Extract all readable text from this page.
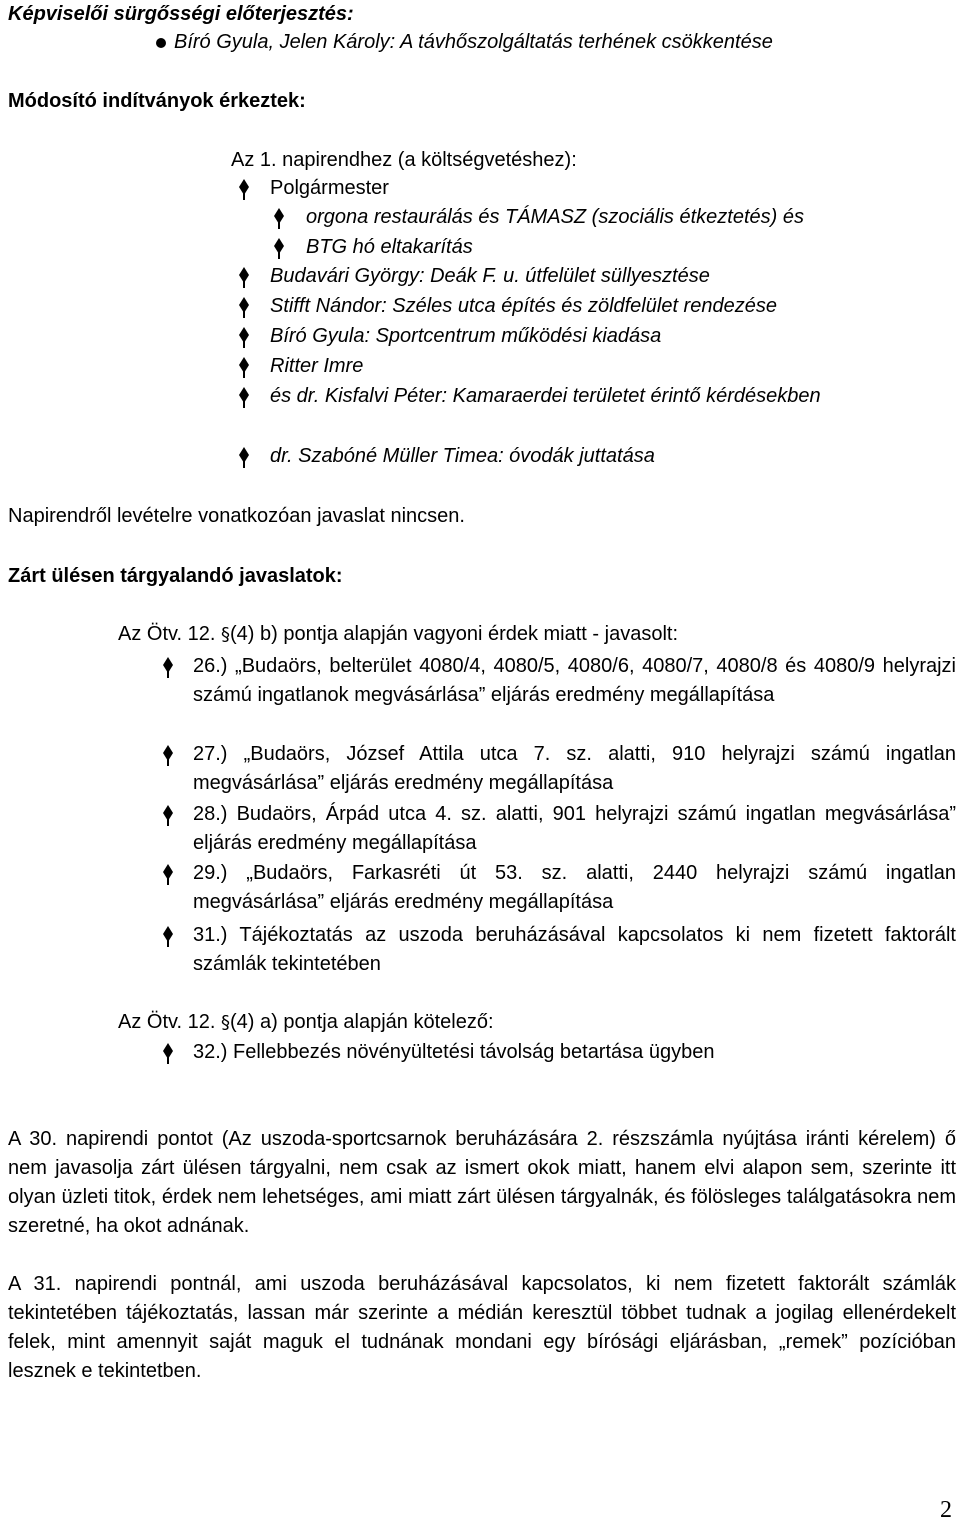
Képviselői sürgősségi előterjesztés:
Bíró Gyula, Jelen Károly: A távhőszolgáltatás terhének csökkentése
Módosító indítványok érkeztek:
Az 1. napirendhez (a költségvetéshez):
Polgármester
orgona restaurálás és TÁMASZ (szociális étkeztetés) és
BTG hó eltakarítás
Budavári György: Deák F. u. útfelület süllyesztése
Stifft Nándor: Széles utca építés és zöldfelület rendezése
Bíró Gyula: Sportcentrum működési kiadása
Ritter Imre
és dr. Kisfalvi Péter: Kamaraerdei területet érintő kérdésekben
dr. Szabóné Müller Timea: óvodák juttatása
Napirendről levételre vonatkozóan javaslat nincsen.
Zárt ülésen tárgyalandó javaslatok:
Az Ötv. 12. §(4) b) pontja alapján vagyoni érdek miatt - javasolt:
26.) „Budaörs, belterület 4080/4, 4080/5, 4080/6, 4080/7, 4080/8 és 4080/9 helyrajzi számú ingatlanok megvásárlása” eljárás eredmény megállapítása
27.) „Budaörs, József Attila utca 7. sz. alatti, 910 helyrajzi számú ingatlan megvásárlása” eljárás eredmény megállapítása
28.) Budaörs, Árpád utca 4. sz. alatti, 901 helyrajzi számú ingatlan megvásárlása” eljárás eredmény megállapítása
29.) „Budaörs, Farkasréti út 53. sz. alatti, 2440 helyrajzi számú ingatlan megvásárlása” eljárás eredmény megállapítása
31.) Tájékoztatás az uszoda beruházásával kapcsolatos ki nem fizetett faktorált számlák tekintetében
Az Ötv. 12. §(4) a) pontja alapján kötelező:
32.) Fellebbezés növényültetési távolság betartása ügyben
A 30. napirendi pontot (Az uszoda-sportcsarnok beruházására 2. részszámla nyújtása iránti kérelem) ő nem javasolja zárt ülésen tárgyalni, nem csak az ismert okok miatt, hanem elvi alapon sem, szerinte itt olyan üzleti titok, érdek nem lehetséges, ami miatt zárt ülésen tárgyalnák, és fölösleges találgatásokra nem szeretné, ha okot adnának.
A 31. napirendi pontnál, ami uszoda beruházásával kapcsolatos, ki nem fizetett faktorált számlák tekintetében tájékoztatás, lassan már szerinte a médián keresztül többet tudnak a jogilag ellenérdekelt felek, mint amennyit saját maguk el tudnának mondani egy bírósági eljárásban, „remek” pozícióban lesznek e tekintetben.
2
